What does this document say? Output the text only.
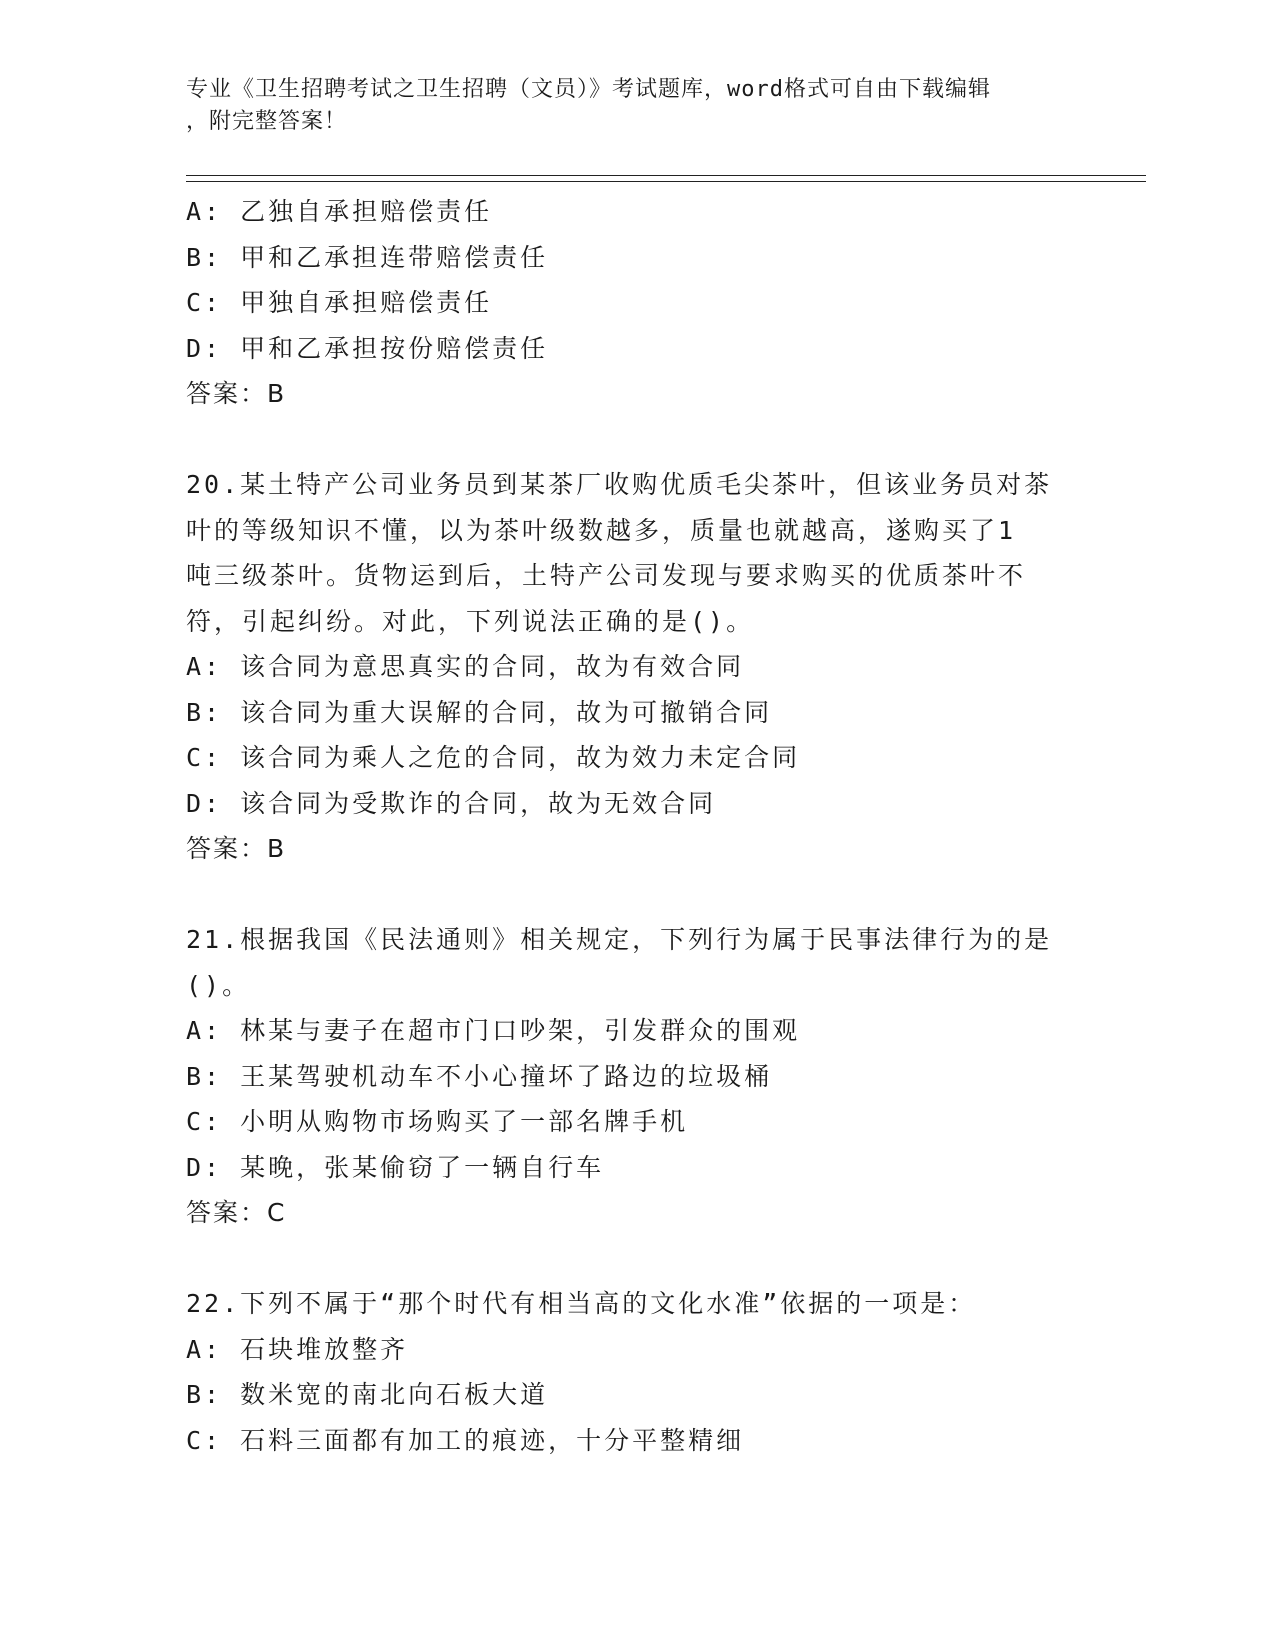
专业《卫生招聘考试之卫生招聘（文员）》考试题库，word格式可自由下载编辑
，附完整答案！
A: 乙独自承担赔偿责任
B: 甲和乙承担连带赔偿责任
C: 甲独自承担赔偿责任
D: 甲和乙承担按份赔偿责任
答案：B
20.某土特产公司业务员到某茶厂收购优质毛尖茶叶，但该业务员对茶
叶的等级知识不懂，以为茶叶级数越多，质量也就越高，遂购买了1
吨三级茶叶。货物运到后，土特产公司发现与要求购买的优质茶叶不
符，引起纠纷。对此，下列说法正确的是()。
A: 该合同为意思真实的合同，故为有效合同
B: 该合同为重大误解的合同，故为可撤销合同
C: 该合同为乘人之危的合同，故为效力未定合同
D: 该合同为受欺诈的合同，故为无效合同
答案：B
21.根据我国《民法通则》相关规定，下列行为属于民事法律行为的是
()。
A: 林某与妻子在超市门口吵架，引发群众的围观
B: 王某驾驶机动车不小心撞坏了路边的垃圾桶
C: 小明从购物市场购买了一部名牌手机
D: 某晚，张某偷窃了一辆自行车
答案：C
22.下列不属于“那个时代有相当高的文化水准”依据的一项是：
A: 石块堆放整齐
B: 数米宽的南北向石板大道
C: 石料三面都有加工的痕迹，十分平整精细
